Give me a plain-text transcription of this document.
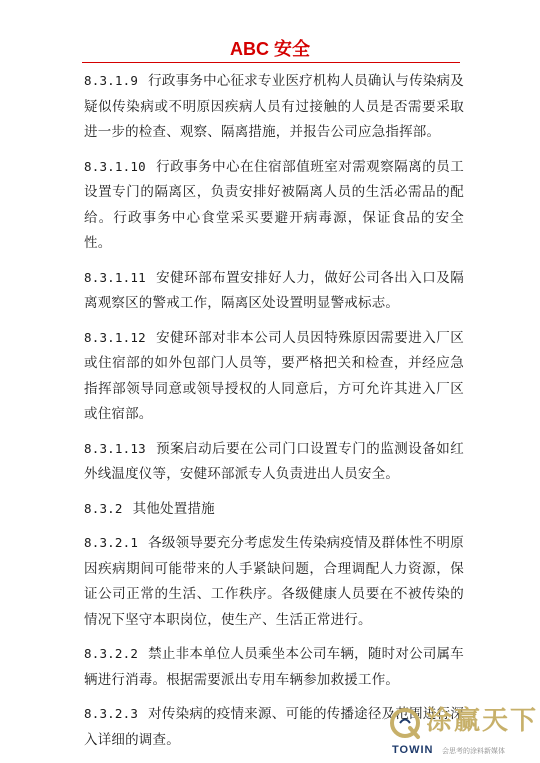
ABC 安全

8.3.1.9 行政事务中心征求专业医疗机构人员确认与传染病及疑似传染病或不明原因疾病人员有过接触的人员是否需要采取进一步的检查、观察、隔离措施，并报告公司应急指挥部。

8.3.1.10 行政事务中心在住宿部值班室对需观察隔离的员工设置专门的隔离区，负责安排好被隔离人员的生活必需品的配给。行政事务中心食堂采买要避开病毒源，保证食品的安全性。

8.3.1.11 安健环部布置安排好人力，做好公司各出入口及隔离观察区的警戒工作，隔离区处设置明显警戒标志。

8.3.1.12 安健环部对非本公司人员因特殊原因需要进入厂区或住宿部的如外包部门人员等，要严格把关和检查，并经应急指挥部领导同意或领导授权的人同意后，方可允许其进入厂区或住宿部。

8.3.1.13 预案启动后要在公司门口设置专门的监测设备如红外线温度仪等，安健环部派专人负责进出人员安全。

8.3.2 其他处置措施

8.3.2.1 各级领导要充分考虑发生传染病疫情及群体性不明原因疾病期间可能带来的人手紧缺问题，合理调配人力资源，保证公司正常的生活、工作秩序。各级健康人员要在不被传染的情况下坚守本职岗位，使生产、生活正常进行。

8.3.2.2 禁止非本单位人员乘坐本公司车辆，随时对公司属车辆进行消毒。根据需要派出专用车辆参加救援工作。

8.3.2.3 对传染病的疫情来源、可能的传播途径及范围进行深入详细的调查。

涂赢天下
TOWIN 会思考的涂料新媒体
